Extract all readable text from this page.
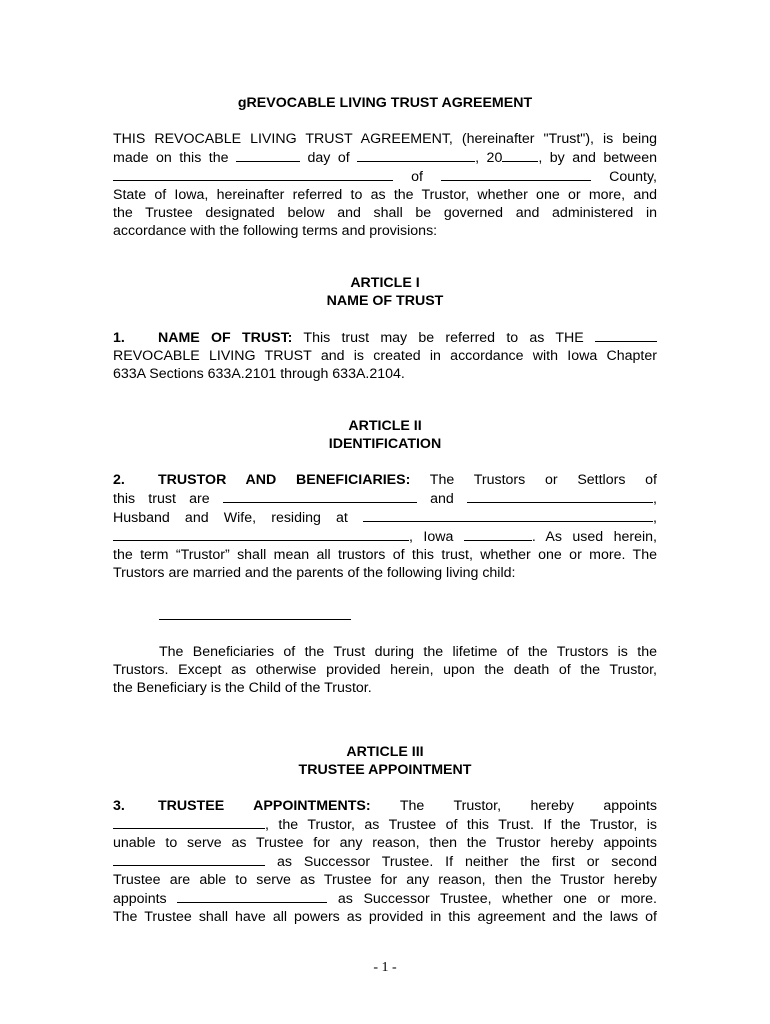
gREVOCABLE LIVING TRUST AGREEMENT

THIS REVOCABLE LIVING TRUST AGREEMENT, (hereinafter "Trust"), is being

made on this the	day of	, 20	, by and between

of	County,

State of Iowa, hereinafter referred to as the Trustor, whether one or more, and

the Trustee designated below and shall be governed and administered in

accordance with the following terms and provisions:

ARTICLE I

NAME OF TRUST

1. NAME OF TRUST: This trust may be referred to as THE

REVOCABLE LIVING TRUST and is created in accordance with Iowa Chapter

633A Sections 633A.2101 through 633A.2104.

ARTICLE II

IDENTIFICATION

2. TRUSTOR AND BENEFICIARIES: The Trustors or Settlors of

this trust are	and	,

Husband and Wife, residing at	,

, Iowa	. As used herein,

the term “Trustor” shall mean all trustors of this trust, whether one or more. The

Trustors are married and the parents of the following living child:

The Beneficiaries of the Trust during the lifetime of the Trustors is the

Trustors. Except as otherwise provided herein, upon the death of the Trustor,

the Beneficiary is the Child of the Trustor.

ARTICLE III

TRUSTEE APPOINTMENT

3. TRUSTEE APPOINTMENTS: The Trustor, hereby appoints

, the Trustor, as Trustee of this Trust. If the Trustor, is

unable to serve as Trustee for any reason, then the Trustor hereby appoints

as Successor Trustee. If neither the first or second

Trustee are able to serve as Trustee for any reason, then the Trustor hereby

appoints	as Successor Trustee, whether one or more.

The Trustee shall have all powers as provided in this agreement and the laws of

- 1 -
